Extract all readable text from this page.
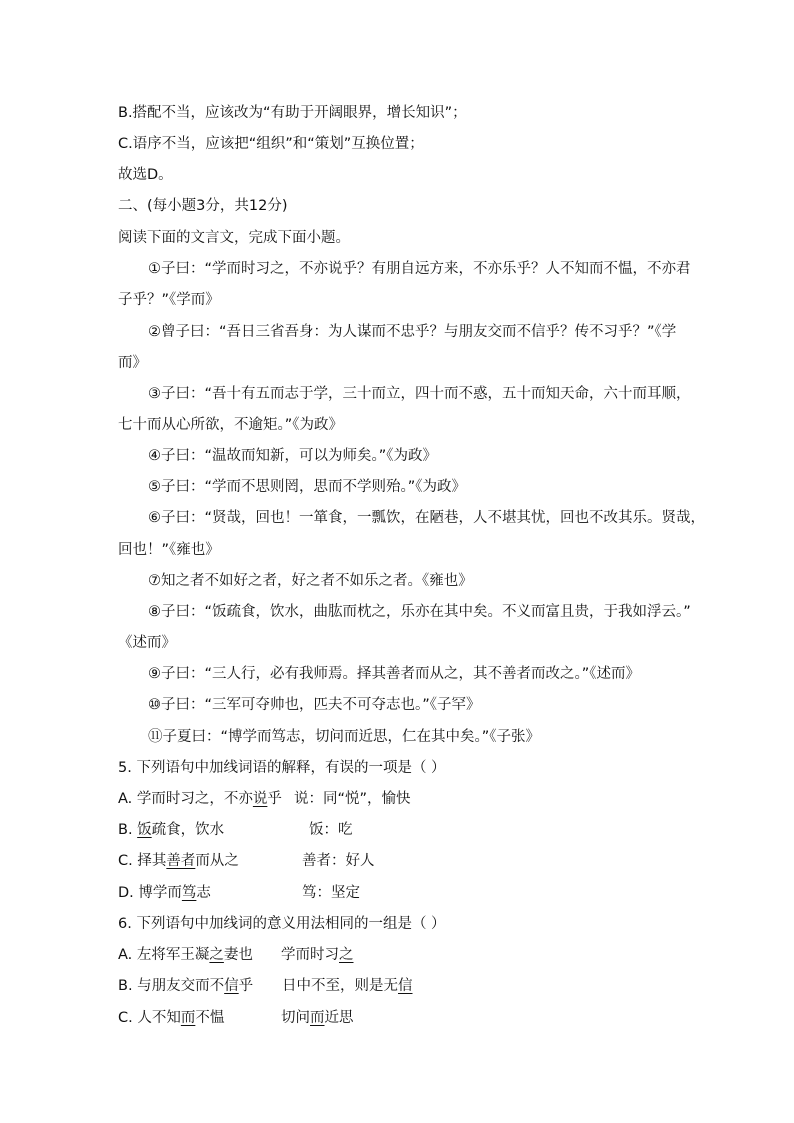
B.搭配不当，应该改为“有助于开阔眼界，增长知识”；
C.语序不当，应该把“组织”和“策划”互换位置；
故选D。
二、(每小题3分，共12分)
阅读下面的文言文，完成下面小题。
①子曰：“学而时习之，不亦说乎？有朋自远方来，不亦乐乎？人不知而不愠，不亦君
子乎？”《学而》
②曾子曰：“吾日三省吾身：为人谋而不忠乎？与朋友交而不信乎？传不习乎？”《学
而》
③子曰：“吾十有五而志于学，三十而立，四十而不惑，五十而知天命，六十而耳顺，
七十而从心所欲，不逾矩。”《为政》
④子曰：“温故而知新，可以为师矣。”《为政》
⑤子曰：“学而不思则罔，思而不学则殆。”《为政》
⑥子曰：“贤哉，回也！一箪食，一瓢饮，在陋巷，人不堪其忧，回也不改其乐。贤哉，
回也！”《雍也》
⑦知之者不如好之者，好之者不如乐之者。《雍也》
⑧子曰：“饭疏食，饮水，曲肱而枕之，乐亦在其中矣。不义而富且贵，于我如浮云。”
《述而》
⑨子曰：“三人行，必有我师焉。择其善者而从之，其不善者而改之。”《述而》
⑩子曰：“三军可夺帅也，匹夫不可夺志也。”《子罕》
⑪子夏曰：“博学而笃志，切问而近思，仁在其中矣。”《子张》
5. 下列语句中加线词语的解释，有误的一项是（ ）
A. 学而时习之，不亦说乎 说：同“悦”，愉快
B. 饭疏食，饮水	饭：吃
C. 择其善者而从之	善者：好人
D. 博学而笃志	笃：坚定
6. 下列语句中加线词的意义用法相同的一组是（ ）
A. 左将军王凝之妻也 学而时习之
B. 与朋友交而不信乎 日中不至，则是无信
C. 人不知而不愠	切问而近思
